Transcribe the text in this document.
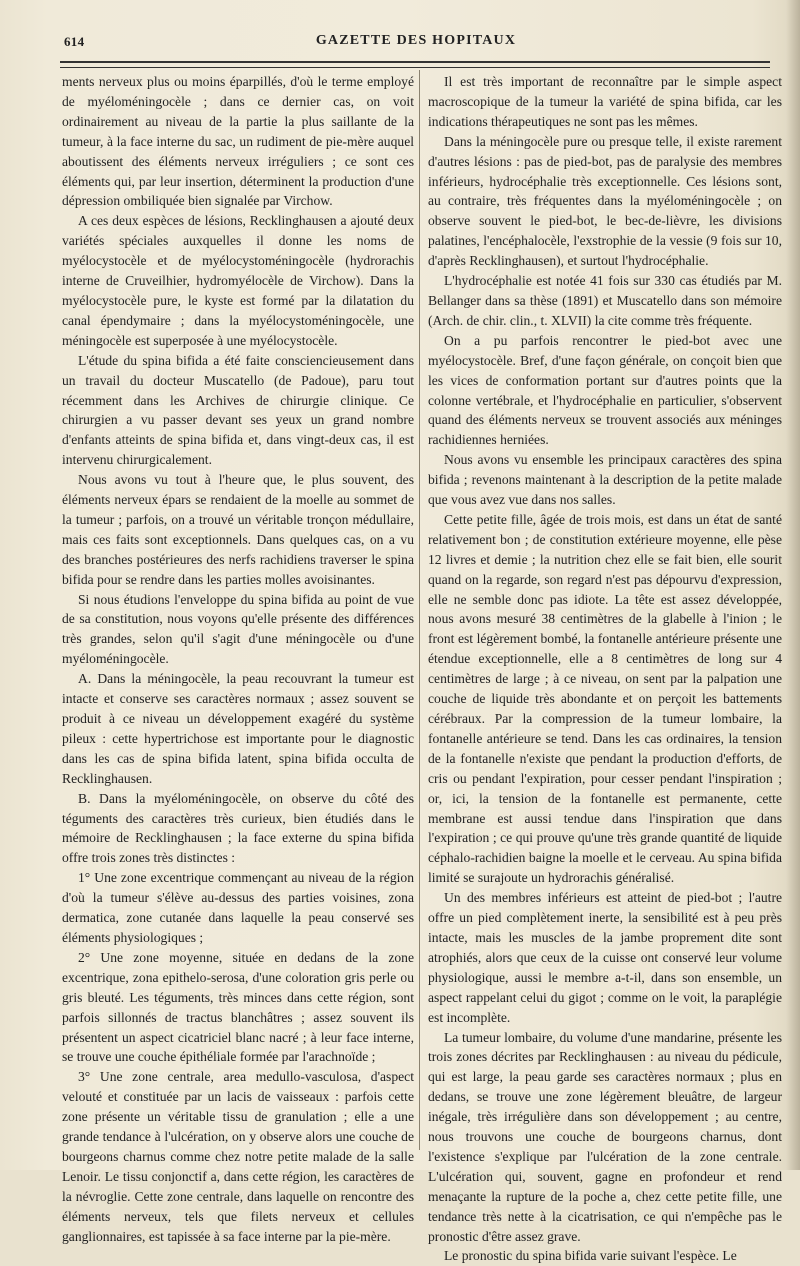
614	GAZETTE DES HOPITAUX

ments nerveux plus ou moins éparpillés, d'où le terme employé de myéloméningocèle ; dans ce dernier cas, on voit ordinairement au niveau de la partie la plus saillante de la tumeur, à la face interne du sac, un rudiment de pie-mère auquel aboutissent des éléments nerveux irréguliers ; ce sont ces éléments qui, par leur insertion, déterminent la production d'une dépression ombiliquée bien signalée par Virchow.

A ces deux espèces de lésions, Recklinghausen a ajouté deux variétés spéciales auxquelles il donne les noms de myélocystocèle et de myélocystoméningocèle (hydrorachis interne de Cruveilhier, hydromyélocèle de Virchow). Dans la myélocystocèle pure, le kyste est formé par la dilatation du canal épendymaire ; dans la myélocystoméningocèle, une méningocèle est superposée à une myélocystocèle.

L'étude du spina bifida a été faite consciencieusement dans un travail du docteur Muscatello (de Padoue), paru tout récemment dans les Archives de chirurgie clinique. Ce chirurgien a vu passer devant ses yeux un grand nombre d'enfants atteints de spina bifida et, dans vingt-deux cas, il est intervenu chirurgicalement.

Nous avons vu tout à l'heure que, le plus souvent, des éléments nerveux épars se rendaient de la moelle au sommet de la tumeur ; parfois, on a trouvé un véritable tronçon médullaire, mais ces faits sont exceptionnels. Dans quelques cas, on a vu des branches postérieures des nerfs rachidiens traverser le spina bifida pour se rendre dans les parties molles avoisinantes.

Si nous étudions l'enveloppe du spina bifida au point de vue de sa constitution, nous voyons qu'elle présente des différences très grandes, selon qu'il s'agit d'une méningocèle ou d'une myéloméningocèle.

A. Dans la méningocèle, la peau recouvrant la tumeur est intacte et conserve ses caractères normaux ; assez souvent se produit à ce niveau un développement exagéré du système pileux : cette hypertrichose est importante pour le diagnostic dans les cas de spina bifida latent, spina bifida occulta de Recklinghausen.

B. Dans la myéloméningocèle, on observe du côté des téguments des caractères très curieux, bien étudiés dans le mémoire de Recklinghausen ; la face externe du spina bifida offre trois zones très distinctes :

1° Une zone excentrique commençant au niveau de la région d'où la tumeur s'élève au-dessus des parties voisines, zona dermatica, zone cutanée dans laquelle la peau conservé ses éléments physiologiques ;

2° Une zone moyenne, située en dedans de la zone excentrique, zona epithelo-serosa, d'une coloration gris perle ou gris bleuté. Les téguments, très minces dans cette région, sont parfois sillonnés de tractus blanchâtres ; assez souvent ils présentent un aspect cicatriciel blanc nacré ; à leur face interne, se trouve une couche épithéliale formée par l'arachnoïde ;

3° Une zone centrale, area medullo-vasculosa, d'aspect velouté et constituée par un lacis de vaisseaux : parfois cette zone présente un véritable tissu de granulation ; elle a une grande tendance à l'ulcération, on y observe alors une couche de bourgeons charnus comme chez notre petite malade de la salle Lenoir. Le tissu conjonctif a, dans cette région, les caractères de la névroglie. Cette zone centrale, dans laquelle on rencontre des éléments nerveux, tels que filets nerveux et cellules ganglionnaires, est tapissée à sa face interne par la pie-mère.

Il est très important de reconnaître par le simple aspect macroscopique de la tumeur la variété de spina bifida, car les indications thérapeutiques ne sont pas les mêmes.

Dans la méningocèle pure ou presque telle, il existe rarement d'autres lésions : pas de pied-bot, pas de paralysie des membres inférieurs, hydrocéphalie très exceptionnelle. Ces lésions sont, au contraire, très fréquentes dans la myéloméningocèle ; on observe souvent le pied-bot, le bec-de-lièvre, les divisions palatines, l'encéphalocèle, l'exstrophie de la vessie (9 fois sur 10, d'après Recklinghausen), et surtout l'hydrocéphalie.

L'hydrocéphalie est notée 41 fois sur 330 cas étudiés par M. Bellanger dans sa thèse (1891) et Muscatello dans son mémoire (Arch. de chir. clin., t. XLVII) la cite comme très fréquente.

On a pu parfois rencontrer le pied-bot avec une myélocystocèle. Bref, d'une façon générale, on conçoit bien que les vices de conformation portant sur d'autres points que la colonne vertébrale, et l'hydrocéphalie en particulier, s'observent quand des éléments nerveux se trouvent associés aux méninges rachidiennes herniées.

Nous avons vu ensemble les principaux caractères des spina bifida ; revenons maintenant à la description de la petite malade que vous avez vue dans nos salles.

Cette petite fille, âgée de trois mois, est dans un état de santé relativement bon ; de constitution extérieure moyenne, elle pèse 12 livres et demie ; la nutrition chez elle se fait bien, elle sourit quand on la regarde, son regard n'est pas dépourvu d'expression, elle ne semble donc pas idiote. La tête est assez développée, nous avons mesuré 38 centimètres de la glabelle à l'inion ; le front est légèrement bombé, la fontanelle antérieure présente une étendue exceptionnelle, elle a 8 centimètres de long sur 4 centimètres de large ; à ce niveau, on sent par la palpation une couche de liquide très abondante et on perçoit les battements cérébraux. Par la compression de la tumeur lombaire, la fontanelle antérieure se tend. Dans les cas ordinaires, la tension de la fontanelle n'existe que pendant la production d'efforts, de cris ou pendant l'expiration, pour cesser pendant l'inspiration ; or, ici, la tension de la fontanelle est permanente, cette membrane est aussi tendue dans l'inspiration que dans l'expiration ; ce qui prouve qu'une très grande quantité de liquide céphalo-rachidien baigne la moelle et le cerveau. Au spina bifida limité se surajoute un hydrorachis généralisé.

Un des membres inférieurs est atteint de pied-bot ; l'autre offre un pied complètement inerte, la sensibilité est à peu près intacte, mais les muscles de la jambe proprement dite sont atrophiés, alors que ceux de la cuisse ont conservé leur volume physiologique, aussi le membre a-t-il, dans son ensemble, un aspect rappelant celui du gigot ; comme on le voit, la paraplégie est incomplète.

La tumeur lombaire, du volume d'une mandarine, présente les trois zones décrites par Recklinghausen : au niveau du pédicule, qui est large, la peau garde ses caractères normaux ; plus en dedans, se trouve une zone légèrement bleuâtre, de largeur inégale, très irrégulière dans son développement ; au centre, nous trouvons une couche de bourgeons charnus, dont l'existence s'explique par l'ulcération de la zone centrale. L'ulcération qui, souvent, gagne en profondeur et rend menaçante la rupture de la poche a, chez cette petite fille, une tendance très nette à la cicatrisation, ce qui n'empêche pas le pronostic d'être assez grave.

Le pronostic du spina bifida varie suivant l'espèce. Le
